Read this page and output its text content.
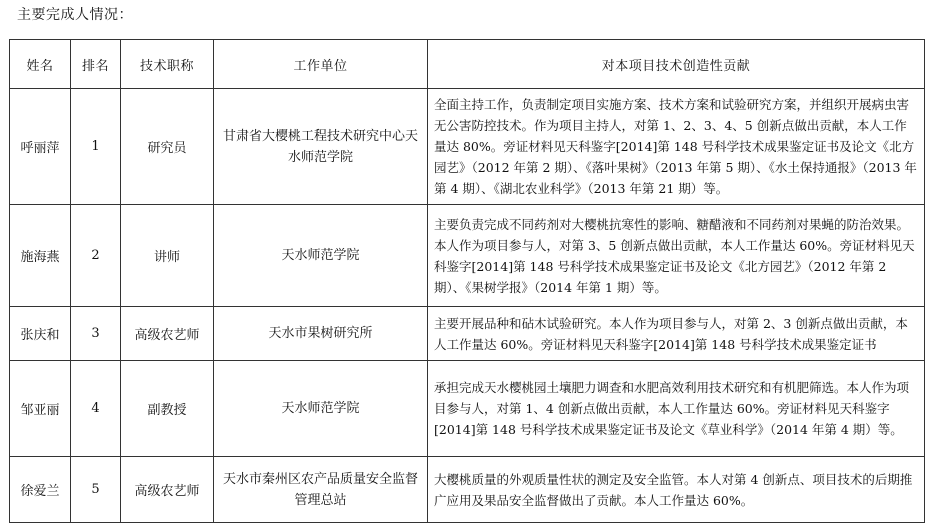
主要完成人情况：
姓名	排名	技术职称	工作单位	对本项目技术创造性贡献
呼丽萍	1	研究员	甘肃省大樱桃工程技术研究中心天水师范学院	全面主持工作，负责制定项目实施方案、技术方案和试验研究方案，并组织开展病虫害无公害防控技术。作为项目主持人，对第 1、2、3、4、5 创新点做出贡献，本人工作量达 80%。旁证材料见天科鉴字[2014]第 148 号科学技术成果鉴定证书及论文《北方园艺》（2012 年第 2 期）、《落叶果树》（2013 年第 5 期）、《水土保持通报》（2013 年第 4 期）、《湖北农业科学》（2013 年第 21 期）等。
施海燕	2	讲师	天水师范学院	主要负责完成不同药剂对大樱桃抗寒性的影响、糖醋液和不同药剂对果蝇的防治效果。本人作为项目参与人，对第 3、5 创新点做出贡献，本人工作量达 60%。旁证材料见天科鉴字[2014]第 148 号科学技术成果鉴定证书及论文《北方园艺》（2012 年第 2 期）、《果树学报》（2014 年第 1 期）等。
张庆和	3	高级农艺师	天水市果树研究所	主要开展品种和砧木试验研究。本人作为项目参与人，对第 2、3 创新点做出贡献，本人工作量达 60%。旁证材料见天科鉴字[2014]第 148 号科学技术成果鉴定证书
邹亚丽	4	副教授	天水师范学院	承担完成天水樱桃园土壤肥力调查和水肥高效利用技术研究和有机肥筛选。本人作为项目参与人，对第 1、4 创新点做出贡献，本人工作量达 60%。旁证材料见天科鉴字[2014]第 148 号科学技术成果鉴定证书及论文《草业科学》（2014 年第 4 期）等。
徐爱兰	5	高级农艺师	天水市秦州区农产品质量安全监督管理总站	大樱桃质量的外观质量性状的测定及安全监管。本人对第 4 创新点、项目技术的后期推广应用及果品安全监督做出了贡献。本人工作量达 60%。
